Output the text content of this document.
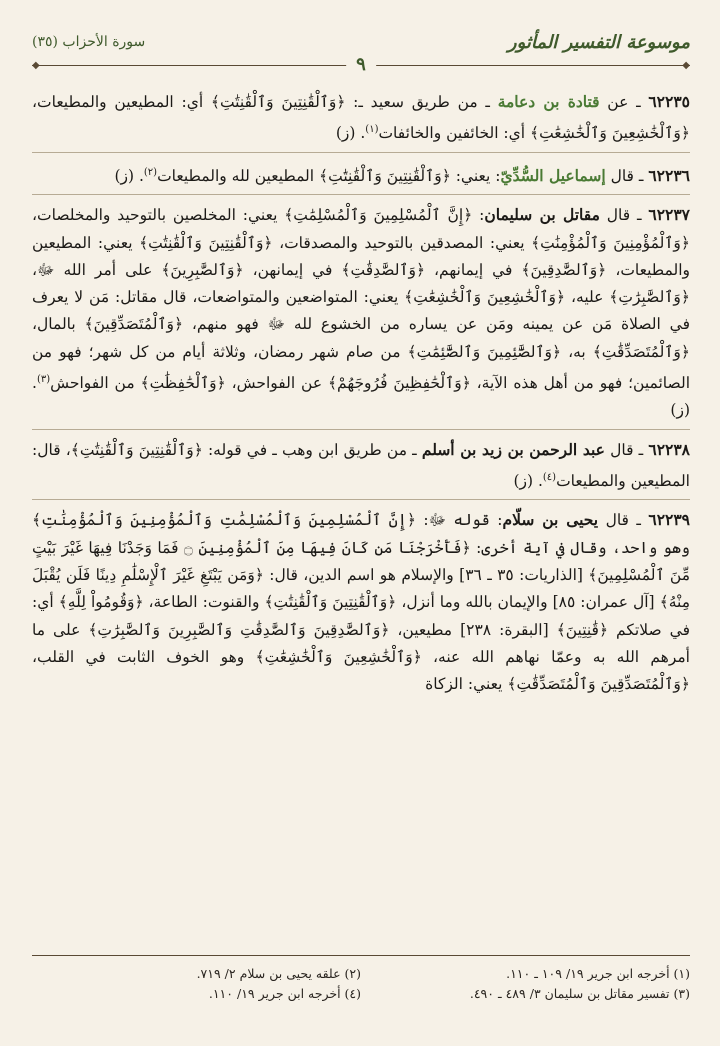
موسوعة التفسير المأثور
سورة الأحزاب (٣٥)
◆
◆	٩

٦٢٢٣٥ ـ عن قتادة بن دعامة ـ من طريق سعيد ـ: ﴿وَٱلْقَٰنِتِينَ وَٱلْقَٰنِتَٰتِ﴾ أي: المطيعين والمطيعات، ﴿وَٱلْخَٰشِعِينَ وَٱلْخَٰشِعَٰتِ﴾ أي: الخائفين والخائفات$^{(١)}$. (ز)

٦٢٢٣٦ ـ قال إسماعيل السُّدِّيّ: يعني: ﴿وَٱلْقَٰنِتِينَ وَٱلْقَٰنِتَٰتِ﴾ المطيعين لله والمطيعات$^{(٢)}$. (ز)

٦٢٢٣٧ ـ قال مقاتل بن سليمان: ﴿إِنَّ ٱلْمُسْلِمِينَ وَٱلْمُسْلِمَٰتِ﴾ يعني: المخلصين بالتوحيد والمخلصات، ﴿وَٱلْمُؤْمِنِينَ وَٱلْمُؤْمِنَٰتِ﴾ يعني: المصدقين بالتوحيد والمصدقات، ﴿وَٱلْقَٰنِتِينَ وَٱلْقَٰنِتَٰتِ﴾ يعني: المطيعين والمطيعات، ﴿وَٱلصَّٰدِقِينَ﴾ في إيمانهم، ﴿وَٱلصَّٰدِقَٰتِ﴾ في إيمانهن، ﴿وَٱلصَّٰبِرِينَ﴾ على أمر الله ﷻ، ﴿وَٱلصَّٰبِرَٰتِ﴾ عليه، ﴿وَٱلْخَٰشِعِينَ وَٱلْخَٰشِعَٰتِ﴾ يعني: المتواضعين والمتواضعات، قال مقاتل: مَن لا يعرف في الصلاة مَن عن يمينه ومَن عن يساره من الخشوع لله ﷻ فهو منهم، ﴿وَٱلْمُتَصَدِّقِينَ﴾ بالمال، ﴿وَٱلْمُتَصَدِّقَٰتِ﴾ به، ﴿وَٱلصَّٰٓئِمِينَ وَٱلصَّٰٓئِمَٰتِ﴾ من صام شهر رمضان، وثلاثة أيام من كل شهر؛ فهو من الصائمين؛ فهو من أهل هذه الآية، ﴿وَٱلْحَٰفِظِينَ فُرُوجَهُمْ﴾ عن الفواحش، ﴿وَٱلْحَٰفِظَٰتِ﴾ من الفواحش$^{(٣)}$. (ز)

٦٢٢٣٨ ـ قال عبد الرحمن بن زيد بن أسلم ـ من طريق ابن وهب ـ في قوله: ﴿وَٱلْقَٰنِتِينَ وَٱلْقَٰنِتَٰتِ﴾، قال: المطيعين والمطيعات$^{(٤)}$. (ز)

٦٢٢٣٩ ـ قال يحيى بن سلّام: قوله ﷻ: ﴿إِنَّ ٱلْمُسْلِمِينَ وَٱلْمُسْلِمَٰتِ وَٱلْمُؤْمِنِينَ وَٱلْمُؤْمِنَٰتِ﴾ وهو واحد، وقال في آية أخرى: ﴿فَأَخْرَجْنَا مَن كَانَ فِيهَا مِنَ ٱلْمُؤْمِنِينَ ۝ فَمَا وَجَدْنَا فِيهَا غَيْرَ بَيْتٍ مِّنَ ٱلْمُسْلِمِينَ﴾ [الذاريات: ٣٥ ـ ٣٦] والإسلام هو اسم الدين، قال: ﴿وَمَن يَبْتَغِ غَيْرَ ٱلْإِسْلَٰمِ دِينًا فَلَن يُقْبَلَ مِنْهُ﴾ [آل عمران: ٨٥] والإيمان بالله وما أنزل، ﴿وَٱلْقَٰنِتِينَ وَٱلْقَٰنِتَٰتِ﴾ والقنوت: الطاعة، ﴿وَقُومُواْ لِلَّهِ﴾ أي: في صلاتكم ﴿قَٰنِتِينَ﴾ [البقرة: ٢٣٨] مطيعين، ﴿وَٱلصَّٰدِقِينَ وَٱلصَّٰدِقَٰتِ وَٱلصَّٰبِرِينَ وَٱلصَّٰبِرَٰتِ﴾ على ما أمرهم الله به وعمّا نهاهم الله عنه، ﴿وَٱلْخَٰشِعِينَ وَٱلْخَٰشِعَٰتِ﴾ وهو الخوف الثابت في القلب، ﴿وَٱلْمُتَصَدِّقِينَ وَٱلْمُتَصَدِّقَٰتِ﴾ يعني: الزكاة

(١) أخرجه ابن جرير ١٩/ ١٠٩ ـ ١١٠.
(٢) علقه يحيى بن سلام ٢/ ٧١٩.
(٣) تفسير مقاتل بن سليمان ٣/ ٤٨٩ ـ ٤٩٠.
(٤) أخرجه ابن جرير ١٩/ ١١٠.
